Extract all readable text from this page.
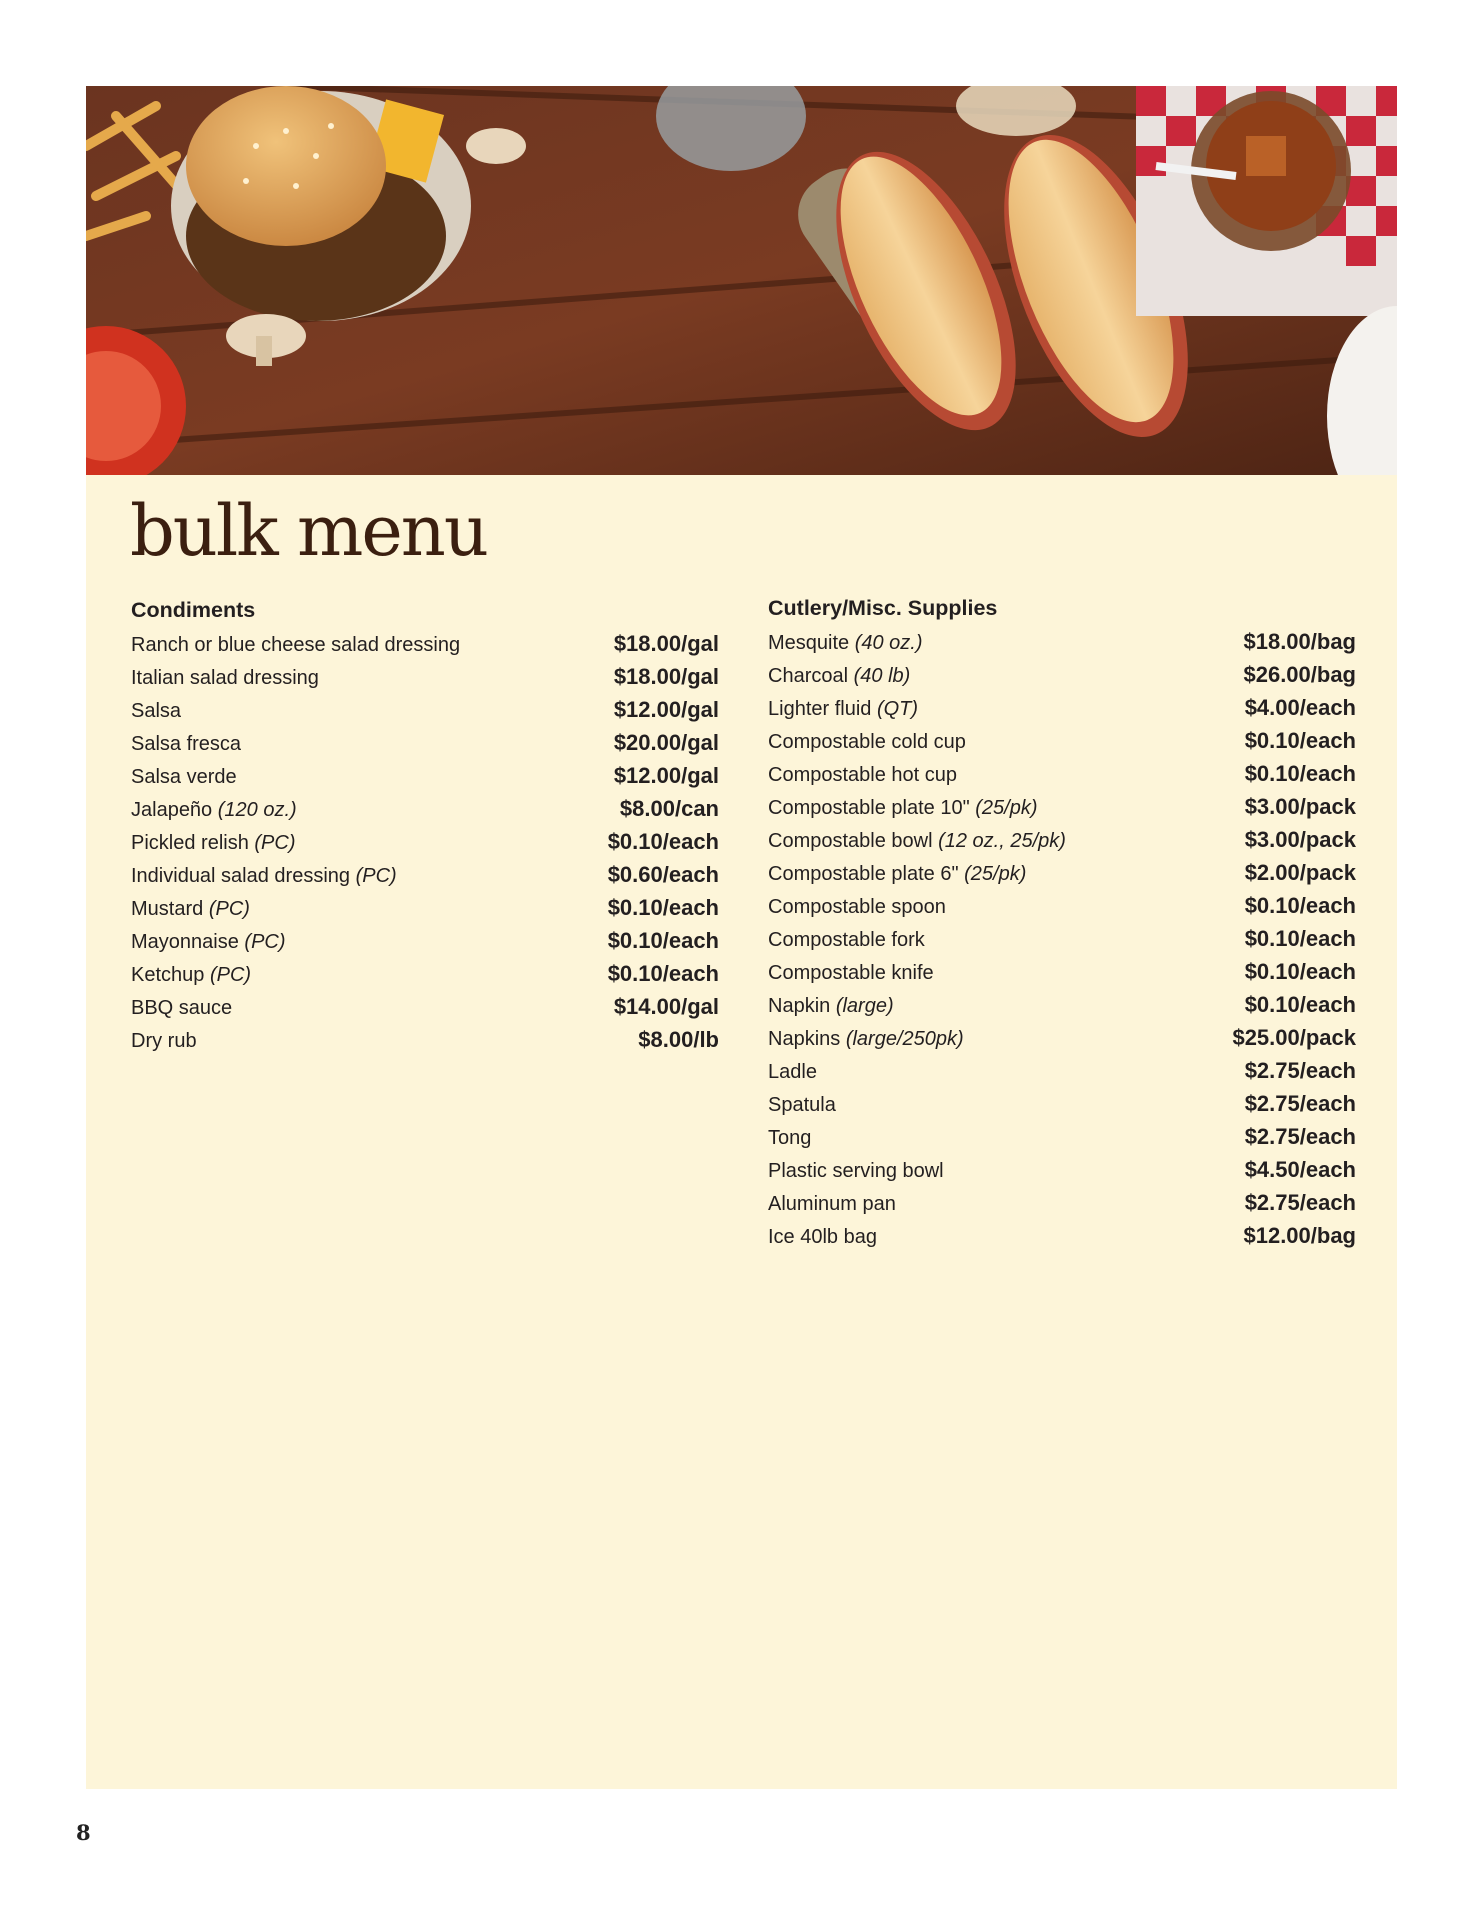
bulk menu
Condiments
Ranch or blue cheese salad dressing	$18.00/gal
Italian salad dressing	$18.00/gal
Salsa	$12.00/gal
Salsa fresca	$20.00/gal
Salsa verde	$12.00/gal
Jalapeño (120 oz.)	$8.00/can
Pickled relish (PC)	$0.10/each
Individual salad dressing (PC)	$0.60/each
Mustard (PC)	$0.10/each
Mayonnaise (PC)	$0.10/each
Ketchup (PC)	$0.10/each
BBQ sauce	$14.00/gal
Dry rub	$8.00/lb
Cutlery/Misc. Supplies
Mesquite (40 oz.)	$18.00/bag
Charcoal (40 lb)	$26.00/bag
Lighter fluid (QT)	$4.00/each
Compostable cold cup	$0.10/each
Compostable hot cup	$0.10/each
Compostable plate 10" (25/pk)	$3.00/pack
Compostable bowl (12 oz., 25/pk)	$3.00/pack
Compostable plate 6" (25/pk)	$2.00/pack
Compostable spoon	$0.10/each
Compostable fork	$0.10/each
Compostable knife	$0.10/each
Napkin (large)	$0.10/each
Napkins (large/250pk)	$25.00/pack
Ladle	$2.75/each
Spatula	$2.75/each
Tong	$2.75/each
Plastic serving bowl	$4.50/each
Aluminum pan	$2.75/each
Ice 40lb bag	$12.00/bag
8
